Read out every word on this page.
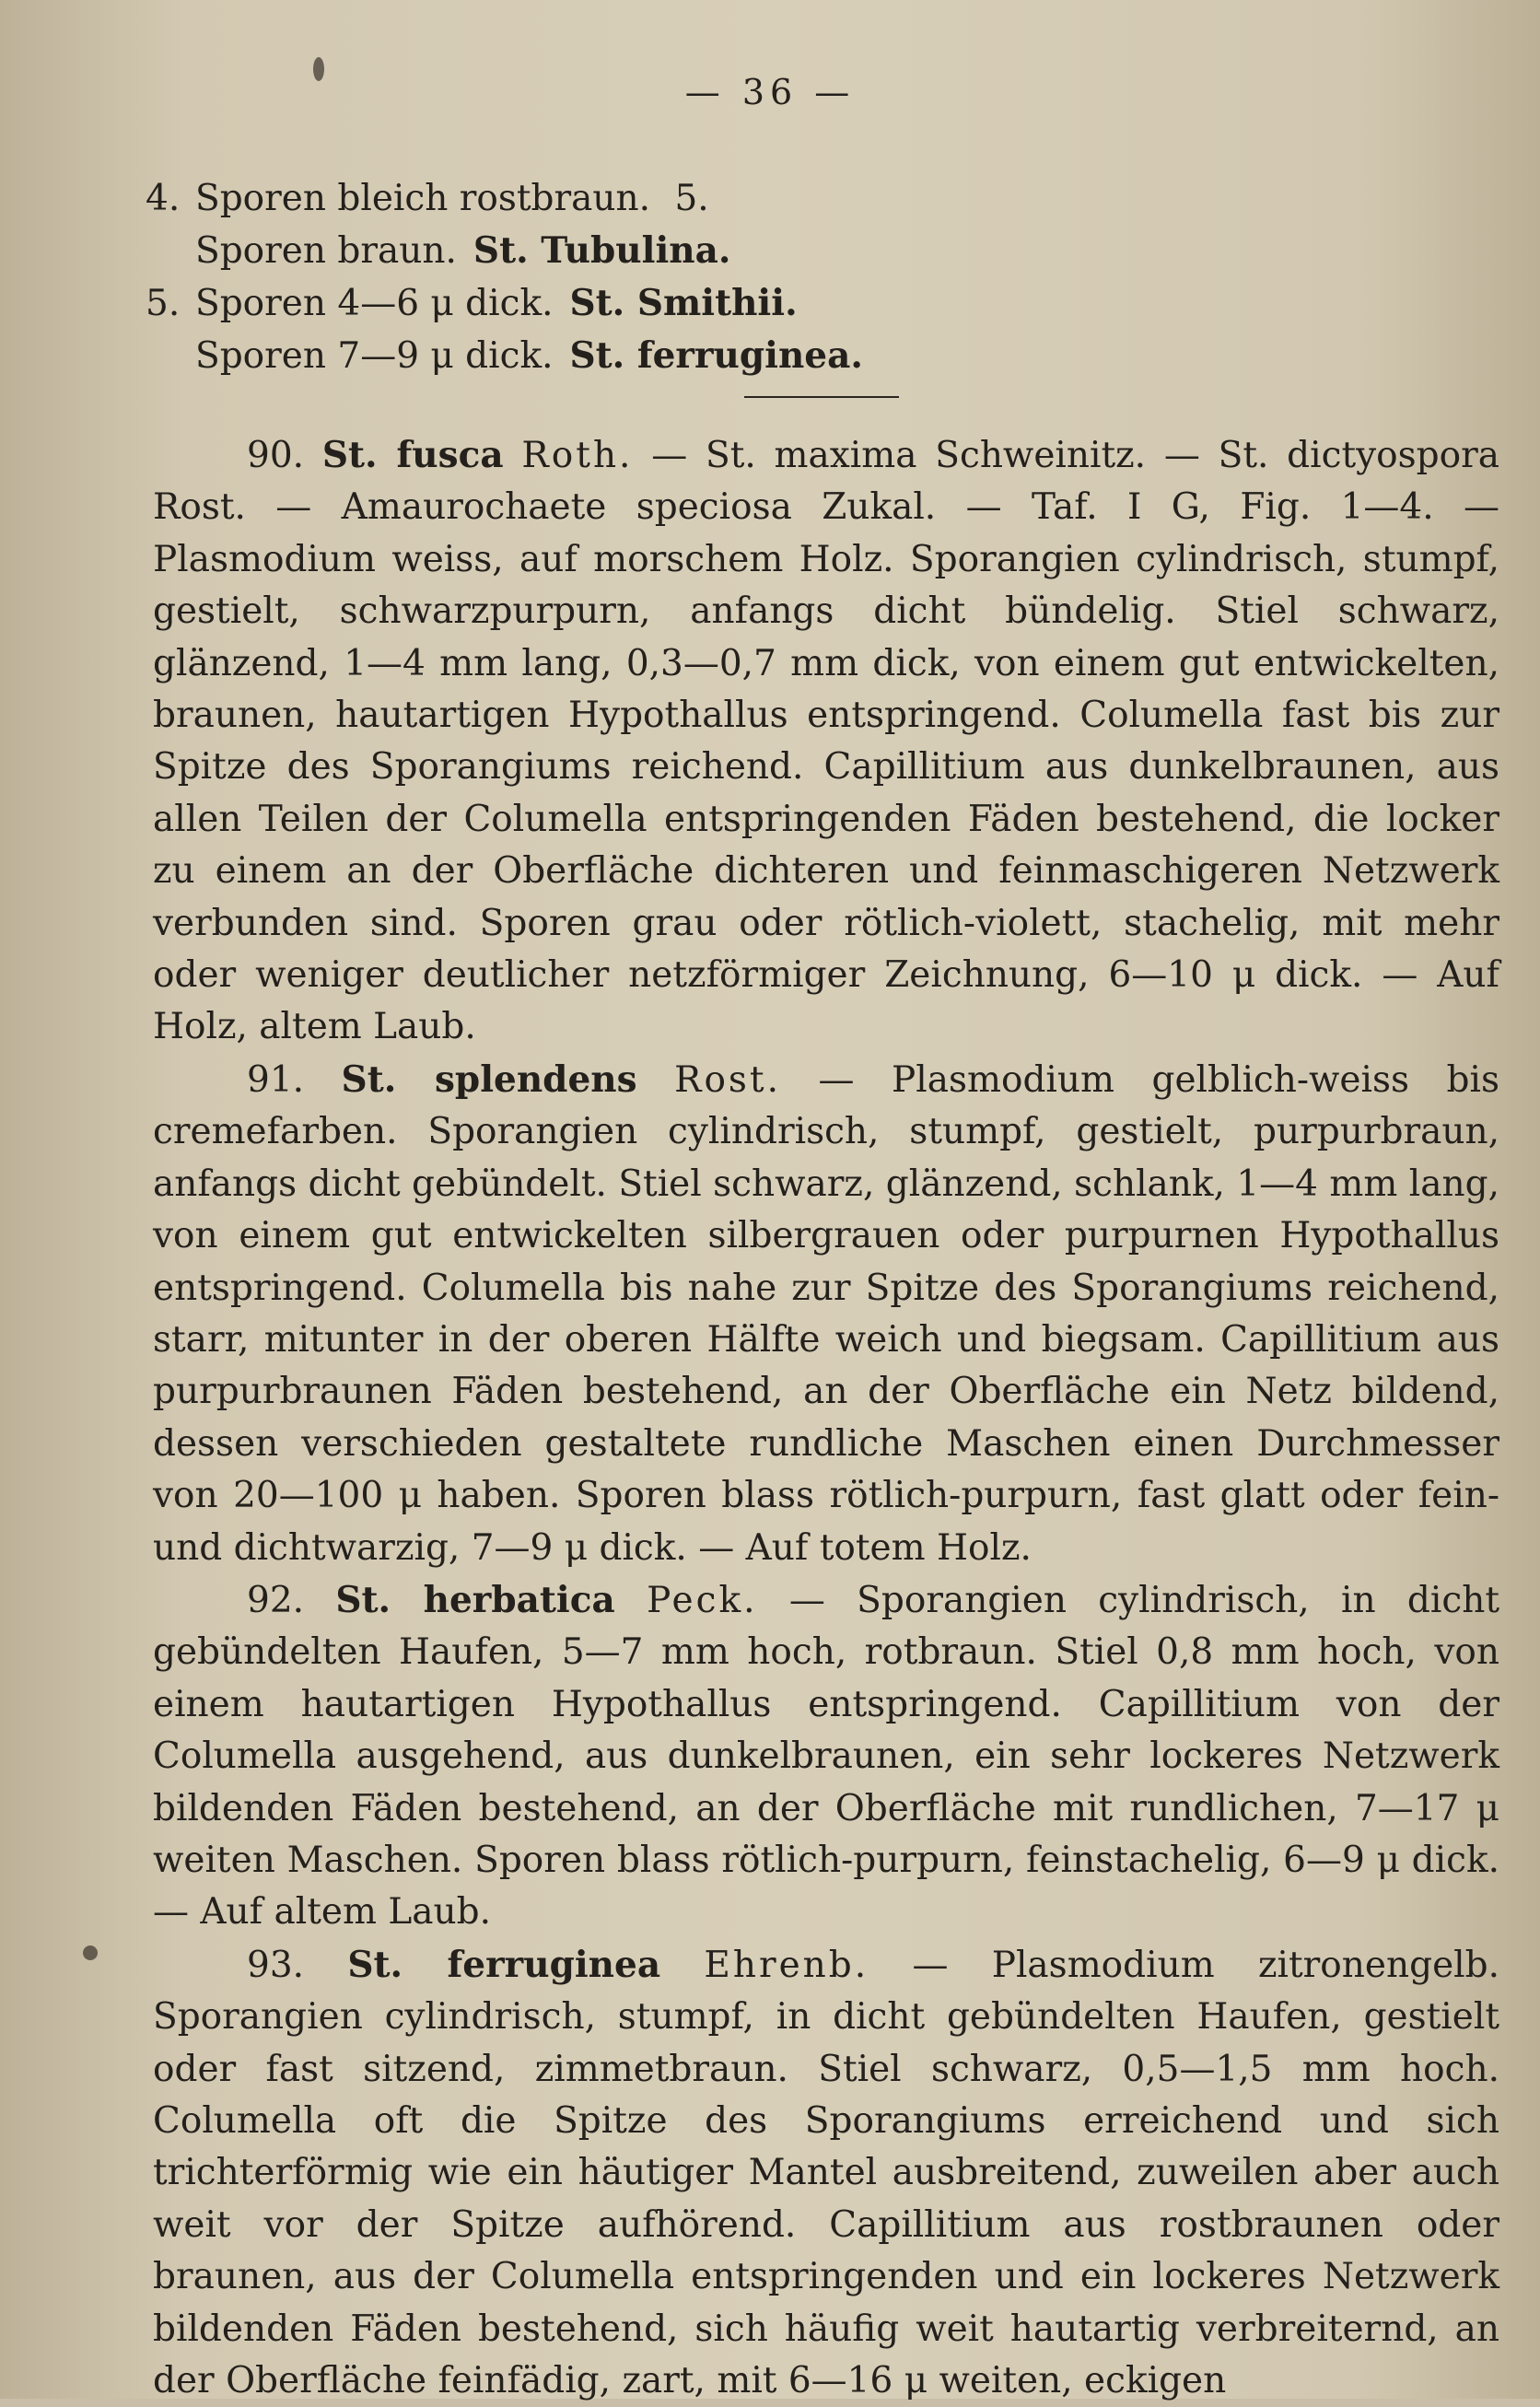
— 36 —
4. Sporen bleich rostbraun. 5.
Sporen braun. St. Tubulina.
5. Sporen 4—6 μ dick. St. Smithii.
Sporen 7—9 μ dick. St. ferruginea.

90. St. fusca Roth. — St. maxima Schweinitz. — St. dictyospora Rost. — Amaurochaete speciosa Zukal. — Taf. I G, Fig. 1—4. — Plasmodium weiss, auf morschem Holz. Sporangien cylindrisch, stumpf, gestielt, schwarzpurpurn, anfangs dicht bündelig. Stiel schwarz, glänzend, 1—4 mm lang, 0,3—0,7 mm dick, von einem gut entwickelten, braunen, hautartigen Hypothallus entspringend. Columella fast bis zur Spitze des Sporangiums reichend. Capillitium aus dunkelbraunen, aus allen Teilen der Columella entspringenden Fäden bestehend, die locker zu einem an der Oberfläche dichteren und feinmaschigeren Netzwerk verbunden sind. Sporen grau oder rötlich-violett, stachelig, mit mehr oder weniger deutlicher netzförmiger Zeichnung, 6—10 μ dick. — Auf Holz, altem Laub.

91. St. splendens Rost. — Plasmodium gelblich-weiss bis cremefarben. Sporangien cylindrisch, stumpf, gestielt, purpurbraun, anfangs dicht gebündelt. Stiel schwarz, glänzend, schlank, 1—4 mm lang, von einem gut entwickelten silbergrauen oder purpurnen Hypothallus entspringend. Columella bis nahe zur Spitze des Sporangiums reichend, starr, mitunter in der oberen Hälfte weich und biegsam. Capillitium aus purpurbraunen Fäden bestehend, an der Oberfläche ein Netz bildend, dessen verschieden gestaltete rundliche Maschen einen Durchmesser von 20—100 μ haben. Sporen blass rötlich-purpurn, fast glatt oder fein- und dichtwarzig, 7—9 μ dick. — Auf totem Holz.

92. St. herbatica Peck. — Sporangien cylindrisch, in dicht gebündelten Haufen, 5—7 mm hoch, rotbraun. Stiel 0,8 mm hoch, von einem hautartigen Hypothallus entspringend. Capillitium von der Columella ausgehend, aus dunkelbraunen, ein sehr lockeres Netzwerk bildenden Fäden bestehend, an der Oberfläche mit rundlichen, 7—17 μ weiten Maschen. Sporen blass rötlich-purpurn, feinstachelig, 6—9 μ dick. — Auf altem Laub.

93. St. ferruginea Ehrenb. — Plasmodium zitronengelb. Sporangien cylindrisch, stumpf, in dicht gebündelten Haufen, gestielt oder fast sitzend, zimmetbraun. Stiel schwarz, 0,5—1,5 mm hoch. Columella oft die Spitze des Sporangiums erreichend und sich trichterförmig wie ein häutiger Mantel ausbreitend, zuweilen aber auch weit vor der Spitze aufhörend. Capillitium aus rostbraunen oder braunen, aus der Columella entspringenden und ein lockeres Netzwerk bildenden Fäden bestehend, sich häufig weit hautartig verbreiternd, an der Oberfläche feinfädig, zart, mit 6—16 μ weiten, eckigen
